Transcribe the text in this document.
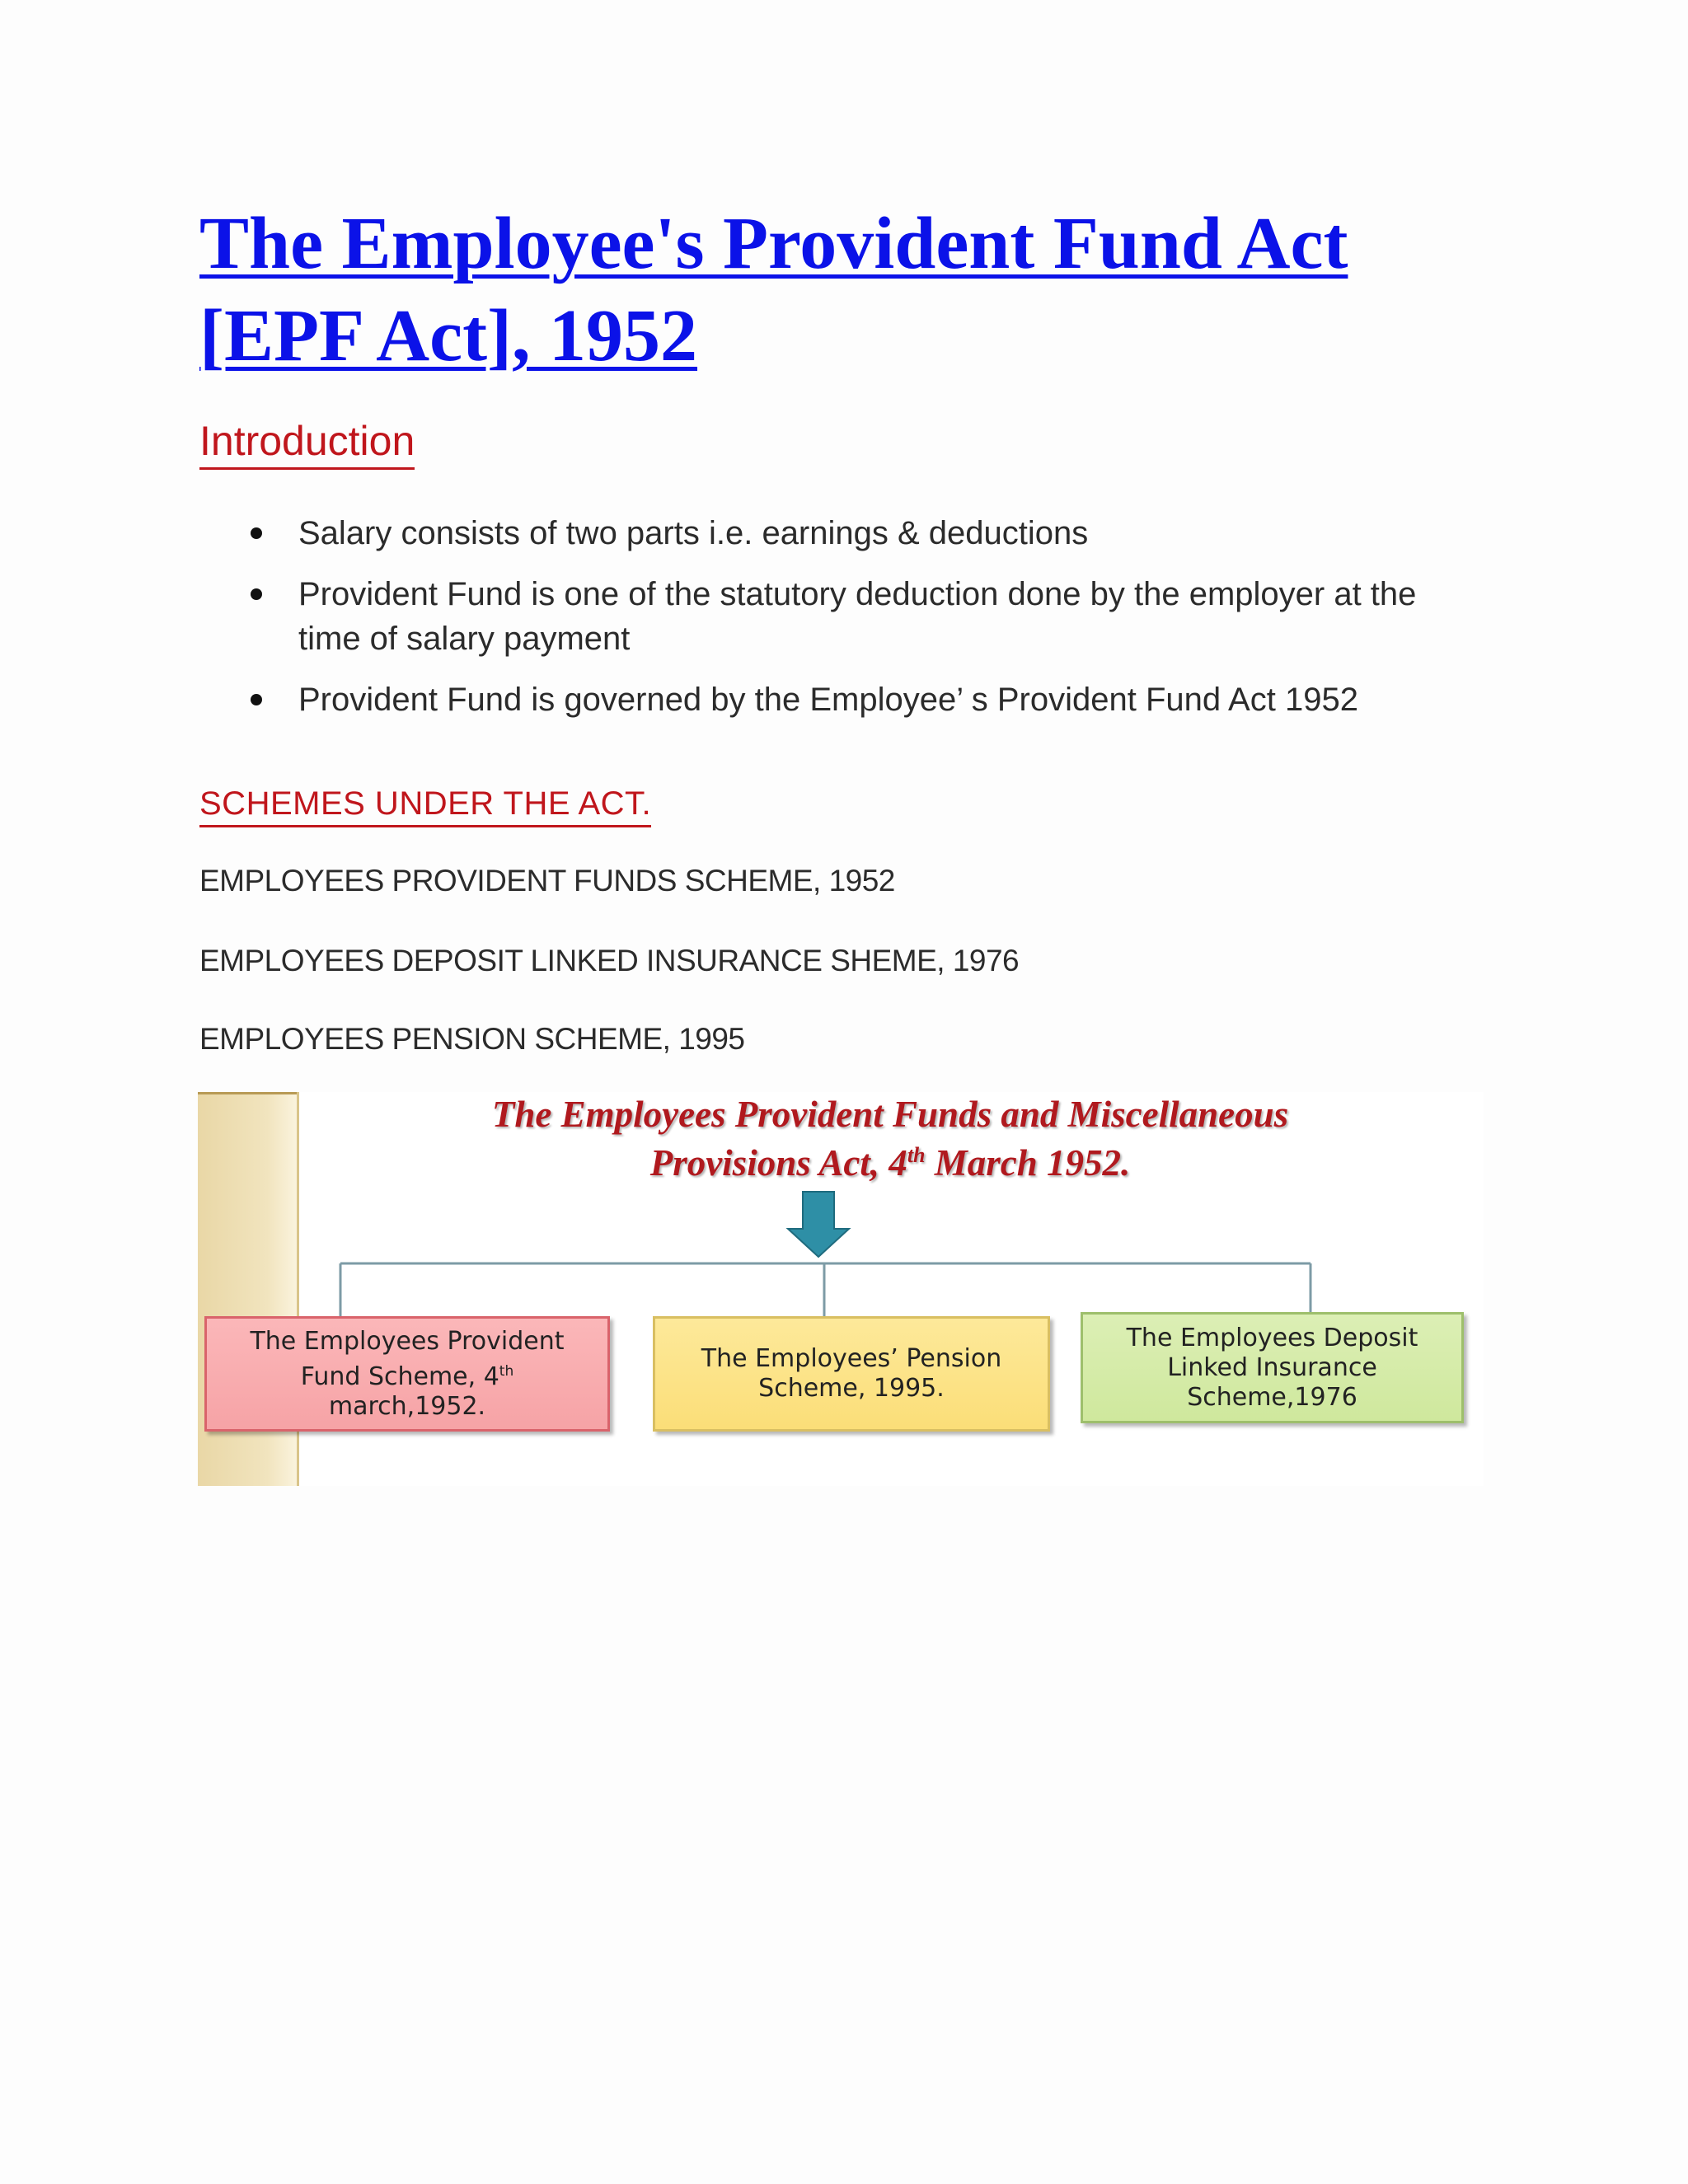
The Employee's Provident Fund Act
[EPF Act], 1952
Introduction
Salary consists of two parts i.e. earnings & deductions
Provident Fund is one of the statutory deduction done by the employer at the time of salary payment
Provident Fund is governed by the Employee’ s Provident Fund Act 1952
SCHEMES UNDER THE ACT.

EMPLOYEES PROVIDENT FUNDS SCHEME, 1952

EMPLOYEES DEPOSIT LINKED INSURANCE SHEME, 1976

EMPLOYEES PENSION SCHEME, 1995

The Employees Provident Funds and Miscellaneous
Provisions Act, 4th March 1952.
The Employees Provident
Fund Scheme, 4th
march,1952.
The Employees’ Pension
Scheme, 1995.
The Employees Deposit
Linked Insurance
Scheme,1976
